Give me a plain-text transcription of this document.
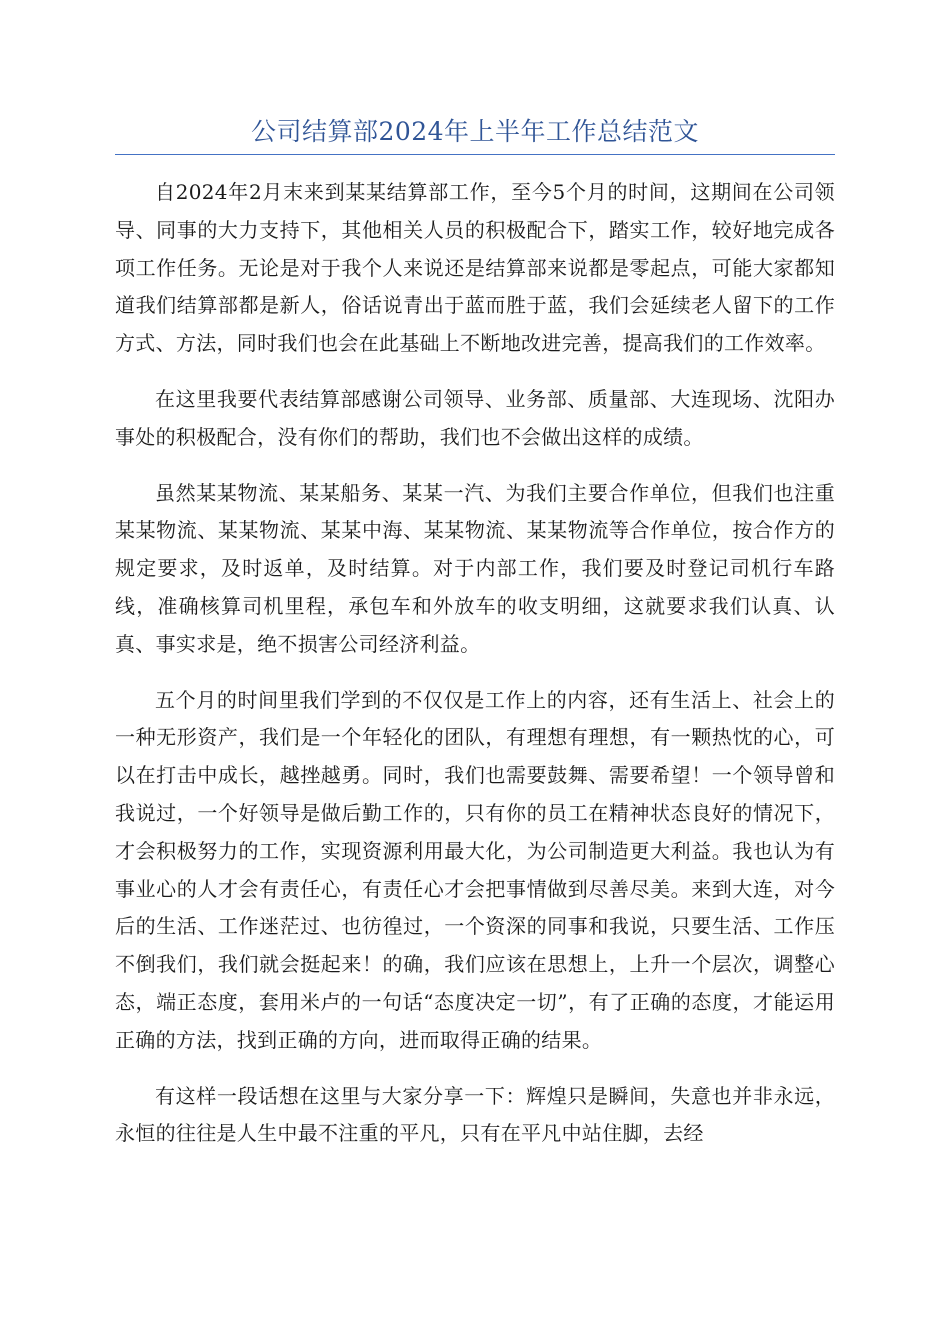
公司结算部2024年上半年工作总结范文

自2024年2月末来到某某结算部工作，至今5个月的时间，这期间在公司领导、同事的大力支持下，其他相关人员的积极配合下，踏实工作，较好地完成各项工作任务。无论是对于我个人来说还是结算部来说都是零起点，可能大家都知道我们结算部都是新人，俗话说青出于蓝而胜于蓝，我们会延续老人留下的工作方式、方法，同时我们也会在此基础上不断地改进完善，提高我们的工作效率。

在这里我要代表结算部感谢公司领导、业务部、质量部、大连现场、沈阳办事处的积极配合，没有你们的帮助，我们也不会做出这样的成绩。

虽然某某物流、某某船务、某某一汽、为我们主要合作单位，但我们也注重某某物流、某某物流、某某中海、某某物流、某某物流等合作单位，按合作方的规定要求，及时返单，及时结算。对于内部工作，我们要及时登记司机行车路线，准确核算司机里程，承包车和外放车的收支明细，这就要求我们认真、认真、事实求是，绝不损害公司经济利益。

五个月的时间里我们学到的不仅仅是工作上的内容，还有生活上、社会上的一种无形资产，我们是一个年轻化的团队，有理想有理想，有一颗热忱的心，可以在打击中成长，越挫越勇。同时，我们也需要鼓舞、需要希望！一个领导曾和我说过，一个好领导是做后勤工作的，只有你的员工在精神状态良好的情况下，才会积极努力的工作，实现资源利用最大化，为公司制造更大利益。我也认为有事业心的人才会有责任心，有责任心才会把事情做到尽善尽美。来到大连，对今后的生活、工作迷茫过、也彷徨过，一个资深的同事和我说，只要生活、工作压不倒我们，我们就会挺起来！的确，我们应该在思想上，上升一个层次，调整心态，端正态度，套用米卢的一句话“态度决定一切”，有了正确的态度，才能运用正确的方法，找到正确的方向，进而取得正确的结果。

有这样一段话想在这里与大家分享一下：辉煌只是瞬间，失意也并非永远，永恒的往往是人生中最不注重的平凡，只有在平凡中站住脚，去经
